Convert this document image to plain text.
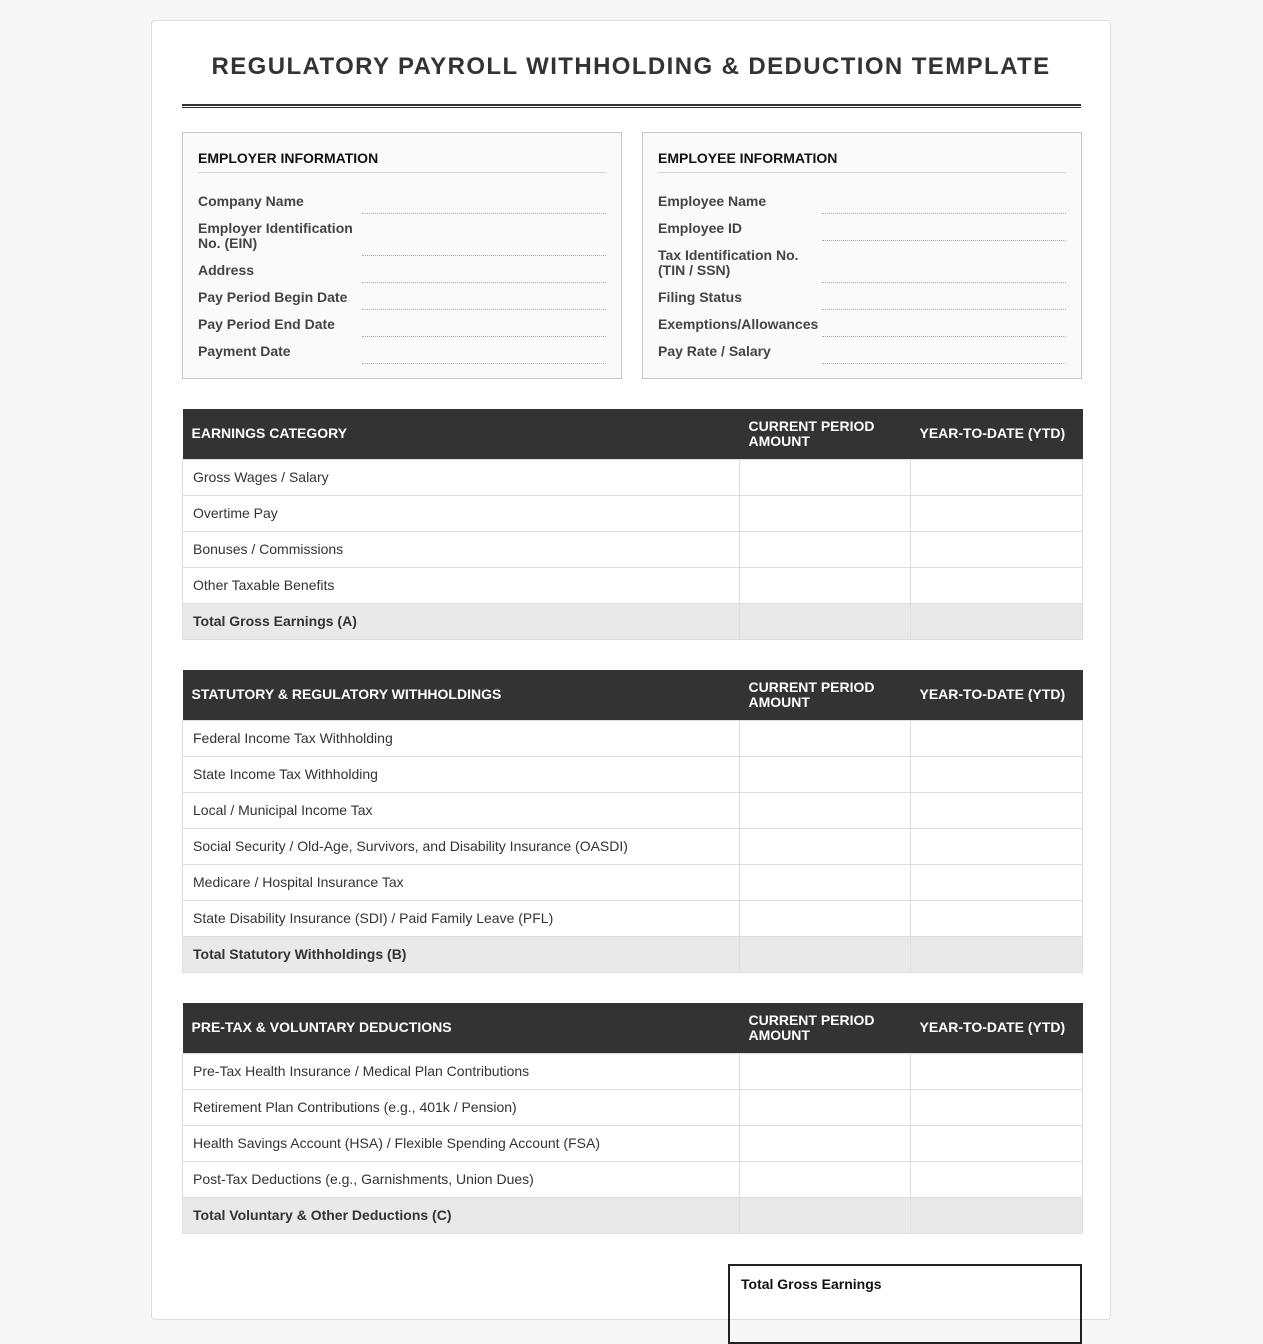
REGULATORY PAYROLL WITHHOLDING & DEDUCTION TEMPLATE
EMPLOYER INFORMATION
Company Name
Employer Identification No. (EIN)
Address
Pay Period Begin Date
Pay Period End Date
Payment Date
EMPLOYEE INFORMATION
Employee Name
Employee ID
Tax Identification No. (TIN / SSN)
Filing Status
Exemptions/Allowances
Pay Rate / Salary
EARNINGS CATEGORY	CURRENT PERIOD AMOUNT	YEAR-TO-DATE (YTD)
Gross Wages / Salary		
Overtime Pay		
Bonuses / Commissions		
Other Taxable Benefits		
Total Gross Earnings (A)		
STATUTORY & REGULATORY WITHHOLDINGS	CURRENT PERIOD AMOUNT	YEAR-TO-DATE (YTD)
Federal Income Tax Withholding		
State Income Tax Withholding		
Local / Municipal Income Tax		
Social Security / Old-Age, Survivors, and Disability Insurance (OASDI)		
Medicare / Hospital Insurance Tax		
State Disability Insurance (SDI) / Paid Family Leave (PFL)		
Total Statutory Withholdings (B)		
PRE-TAX & VOLUNTARY DEDUCTIONS	CURRENT PERIOD AMOUNT	YEAR-TO-DATE (YTD)
Pre-Tax Health Insurance / Medical Plan Contributions		
Retirement Plan Contributions (e.g., 401k / Pension)		
Health Savings Account (HSA) / Flexible Spending Account (FSA)		
Post-Tax Deductions (e.g., Garnishments, Union Dues)		
Total Voluntary & Other Deductions (C)		
Total Gross Earnings
